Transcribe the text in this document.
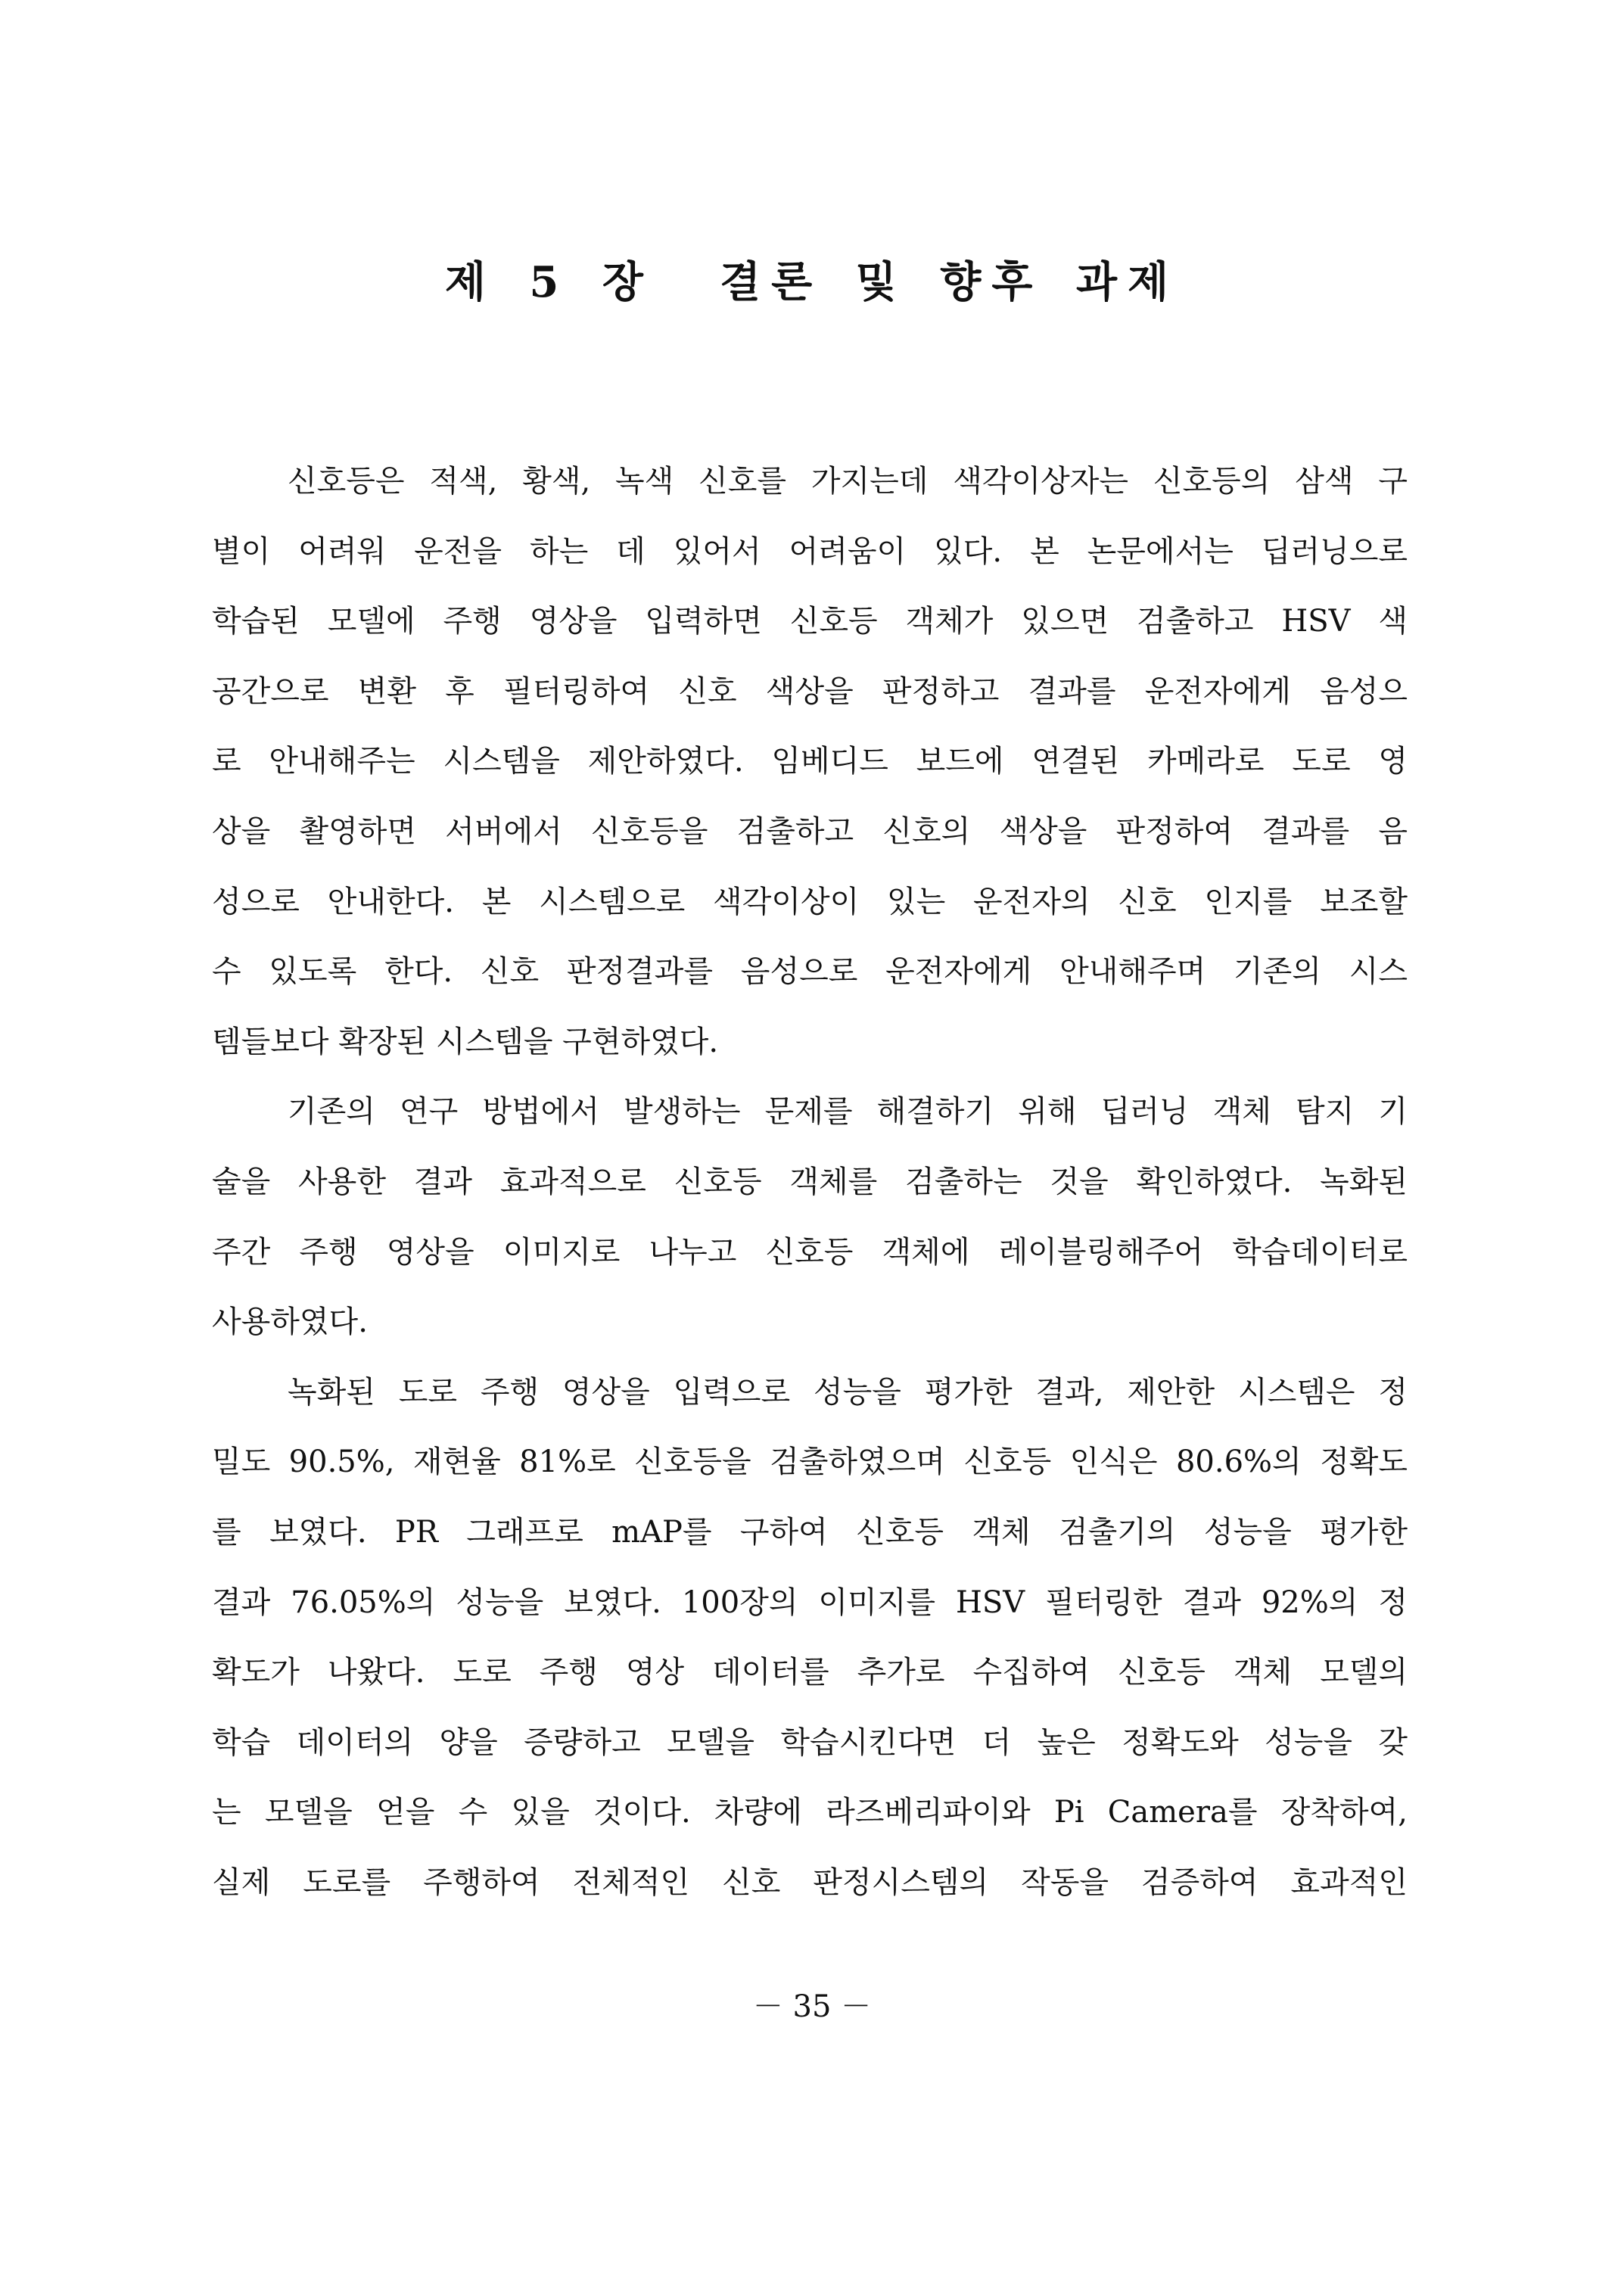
제 5 장  결론 및 향후 과제
신호등은 적색, 황색, 녹색 신호를 가지는데 색각이상자는 신호등의 삼색 구
별이 어려워 운전을 하는 데 있어서 어려움이 있다. 본 논문에서는 딥러닝으로
학습된 모델에 주행 영상을 입력하면 신호등 객체가 있으면 검출하고 HSV 색
공간으로 변환 후 필터링하여 신호 색상을 판정하고 결과를 운전자에게 음성으
로 안내해주는 시스템을 제안하였다. 임베디드 보드에 연결된 카메라로 도로 영
상을 촬영하면 서버에서 신호등을 검출하고 신호의 색상을 판정하여 결과를 음
성으로 안내한다. 본 시스템으로 색각이상이 있는 운전자의 신호 인지를 보조할
수 있도록 한다. 신호 판정결과를 음성으로 운전자에게 안내해주며 기존의 시스
템들보다 확장된 시스템을 구현하였다.
기존의 연구 방법에서 발생하는 문제를 해결하기 위해 딥러닝 객체 탐지 기
술을 사용한 결과 효과적으로 신호등 객체를 검출하는 것을 확인하였다. 녹화된
주간 주행 영상을 이미지로 나누고 신호등 객체에 레이블링해주어 학습데이터로
사용하였다.
녹화된 도로 주행 영상을 입력으로 성능을 평가한 결과, 제안한 시스템은 정
밀도 90.5%, 재현율 81%로 신호등을 검출하였으며 신호등 인식은 80.6%의 정확도
를 보였다. PR 그래프로 mAP를 구하여 신호등 객체 검출기의 성능을 평가한
결과 76.05%의 성능을 보였다. 100장의 이미지를 HSV 필터링한 결과 92%의 정
확도가 나왔다. 도로 주행 영상 데이터를 추가로 수집하여 신호등 객체 모델의
학습 데이터의 양을 증량하고 모델을 학습시킨다면 더 높은 정확도와 성능을 갖
는 모델을 얻을 수 있을 것이다. 차량에 라즈베리파이와 Pi Camera를 장착하여,
실제 도로를 주행하여 전체적인 신호 판정시스템의 작동을 검증하여 효과적인
－ 35 －
